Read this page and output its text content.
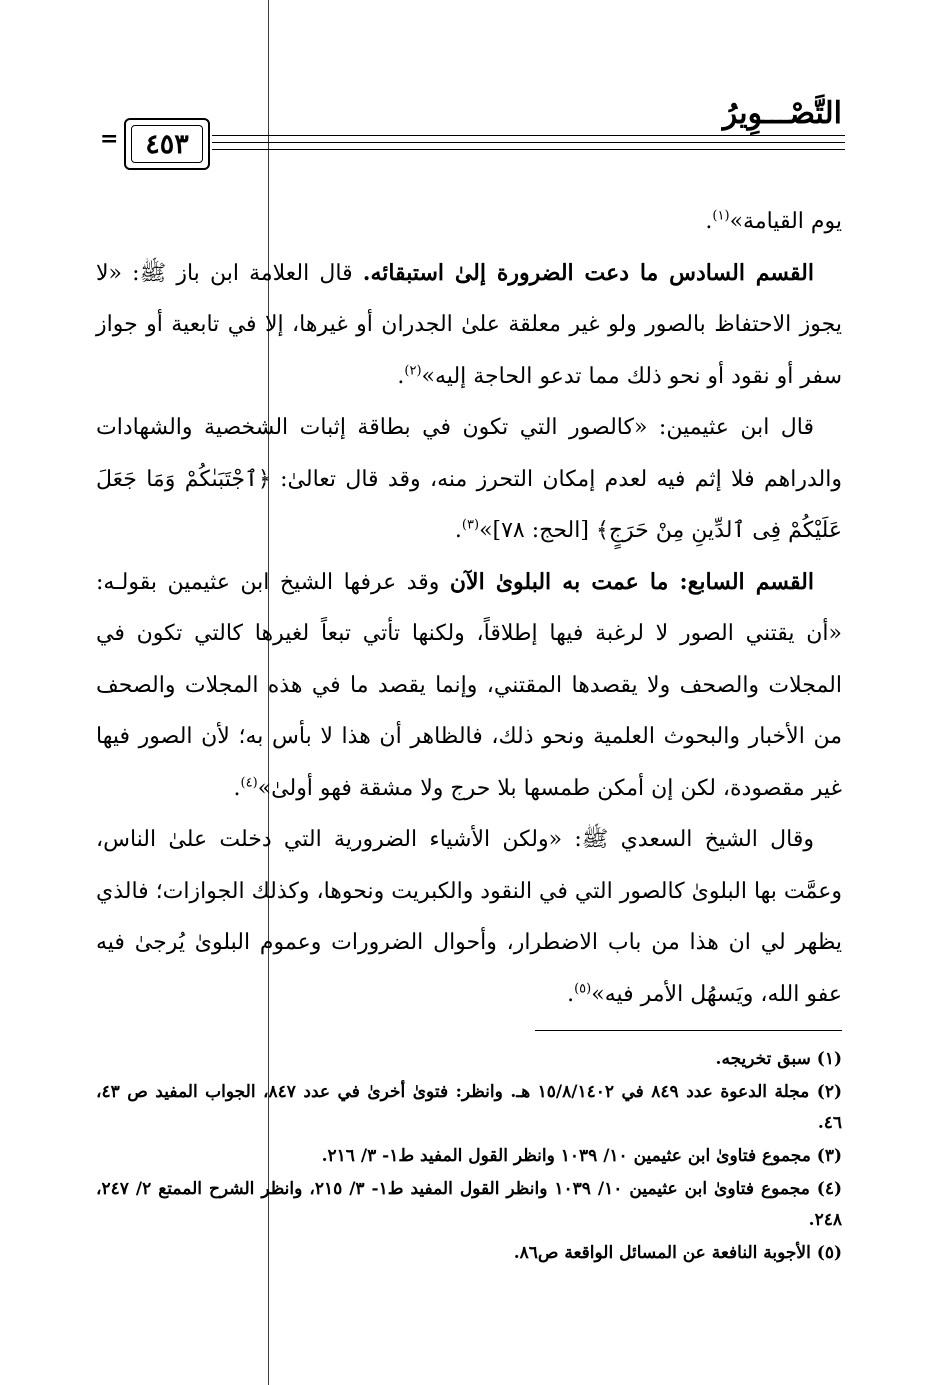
التَّصْـــوِيرُ
٤٥٣
=

يوم القيامة»$^{(١)}$.

القسم السادس ما دعت الضرورة إلىٰ استبقائه. قال العلامة ابن باز ﷺ: «لا يجوز الاحتفاظ بالصور ولو غير معلقة علىٰ الجدران أو غيرها، إلا في تابعية أو جواز سفر أو نقود أو نحو ذلك مما تدعو الحاجة إليه»$^{(٢)}$.

قال ابن عثيمين: «كالصور التي تكون في بطاقة إثبات الشخصية والشهادات والدراهم فلا إثم فيه لعدم إمكان التحرز منه، وقد قال تعالىٰ: ﴿ٱجْتَبَىٰكُمْ وَمَا جَعَلَ عَلَيْكُمْ فِى ٱلدِّينِ مِنْ حَرَجٍ﴾ [الحج: ٧٨]»$^{(٣)}$.

القسم السابع: ما عمت به البلوىٰ الآن وقد عرفها الشيخ ابن عثيمين بقولـه: «أن يقتني الصور لا لرغبة فيها إطلاقاً، ولكنها تأتي تبعاً لغيرها كالتي تكون في المجلات والصحف ولا يقصدها المقتني، وإنما يقصد ما في هذه المجلات والصحف من الأخبار والبحوث العلمية ونحو ذلك، فالظاهر أن هذا لا بأس به؛ لأن الصور فيها غير مقصودة، لكن إن أمكن طمسها بلا حرج ولا مشقة فهو أولىٰ»$^{(٤)}$.

وقال الشيخ السعدي ﷺ: «ولكن الأشياء الضرورية التي دخلت علىٰ الناس، وعمَّت بها البلوىٰ كالصور التي في النقود والكبريت ونحوها، وكذلك الجوازات؛ فالذي يظهر لي ان هذا من باب الاضطرار، وأحوال الضرورات وعموم البلوىٰ يُرجىٰ فيه عفو الله، ويَسهُل الأمر فيه»$^{(٥)}$.

(١) سبق تخريجه.

(٢) مجلة الدعوة عدد ٨٤٩ في ١٥/٨/١٤٠٢ هـ. وانظر: فتوىٰ أخرىٰ في عدد ٨٤٧، الجواب المفيد ص ٤٣، ٤٦.

(٣) مجموع فتاوىٰ ابن عثيمين ١٠/ ١٠٣٩ وانظر القول المفيد ط١- ٣/ ٢١٦.

(٤) مجموع فتاوىٰ ابن عثيمين ١٠/ ١٠٣٩ وانظر القول المفيد ط١- ٣/ ٢١٥، وانظر الشرح الممتع ٢/ ٢٤٧، ٢٤٨.

(٥) الأجوبة النافعة عن المسائل الواقعة ص٨٦.
